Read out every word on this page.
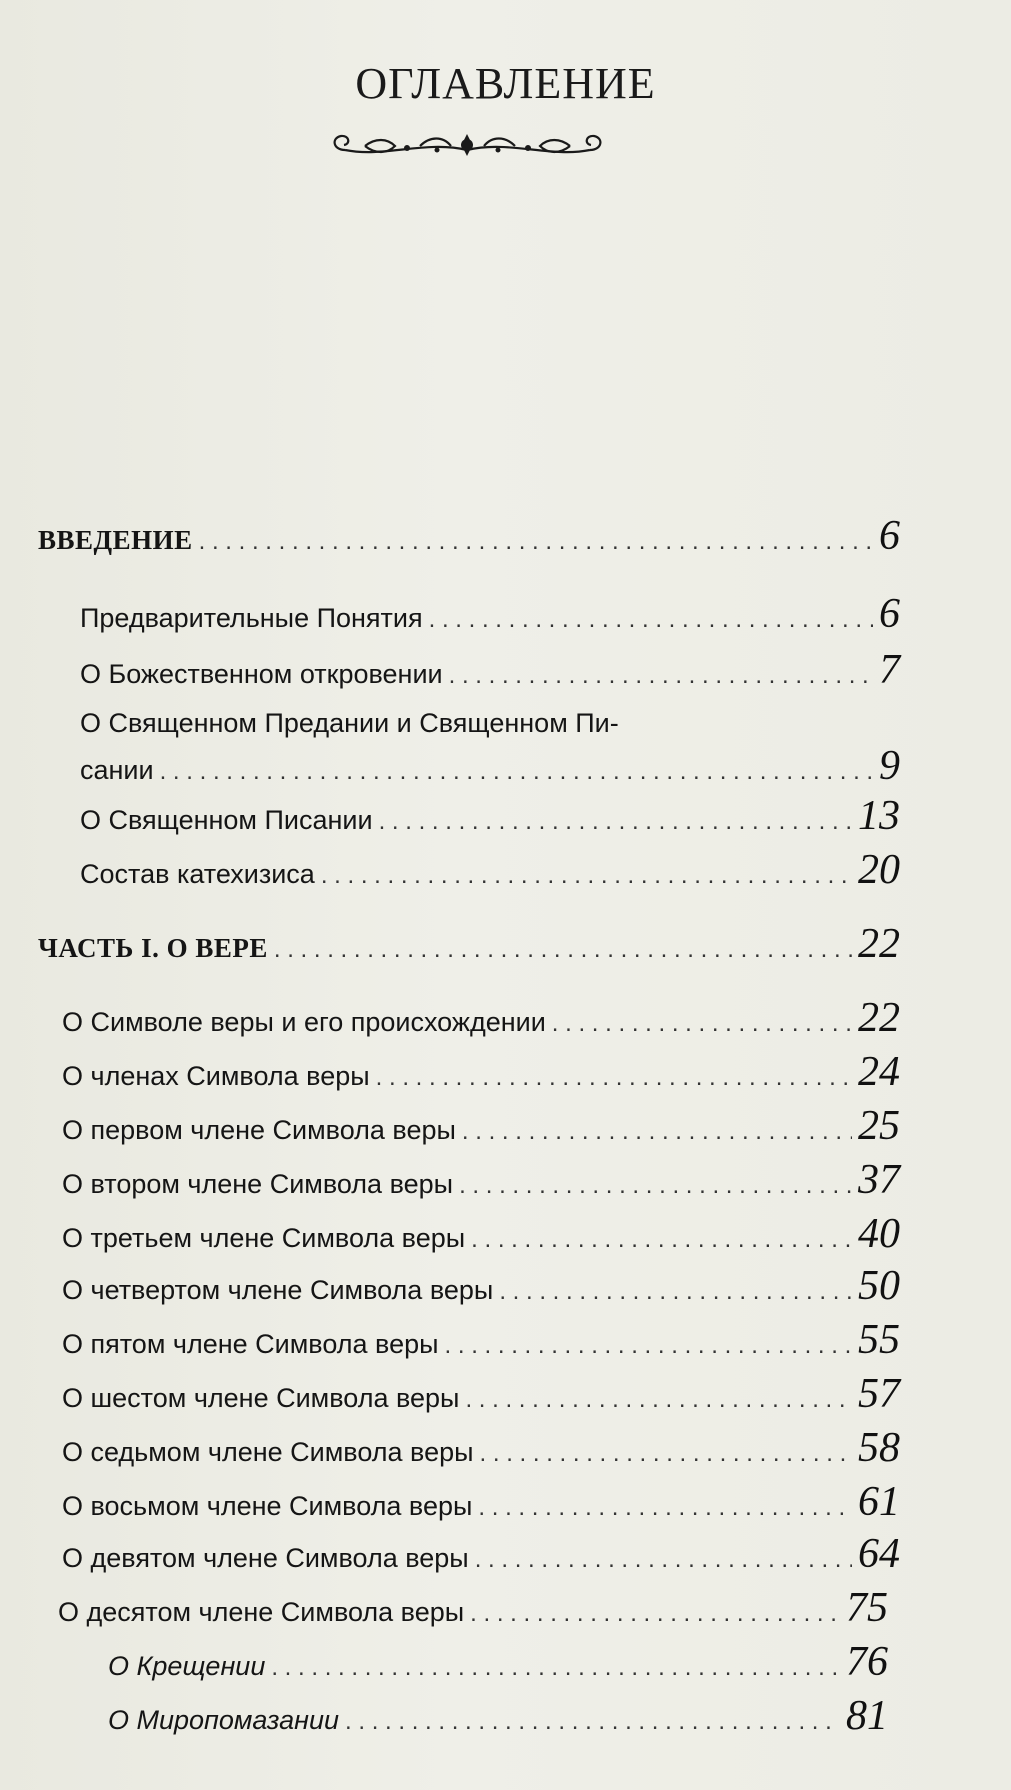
ОГЛАВЛЕНИЕ
ВВЕДЕНИЕ . . .	6
Предварительные Понятия . . .	6
О Божественном откровении . . .	7
О Священном Предании и Священном Пи-
сании . . .	9
О Священном Писании . . .	13
Состав катехизиса . . .	20
ЧАСТЬ I. О ВЕРЕ . . .	22
О Символе веры и его происхождении . . .	22
О членах Символа веры . . .	24
О первом члене Символа веры . . .	25
О втором члене Символа веры . . .	37
О третьем члене Символа веры . . .	40
О четвертом члене Символа веры . . .	50
О пятом члене Символа веры . . .	55
О шестом члене Символа веры . . .	57
О седьмом члене Символа веры . . .	58
О восьмом члене Символа веры . . .	61
О девятом члене Символа веры . . .	64
О десятом члене Символа веры . . .	75
О Крещении . . .	76
О Миропомазании . . .	81
